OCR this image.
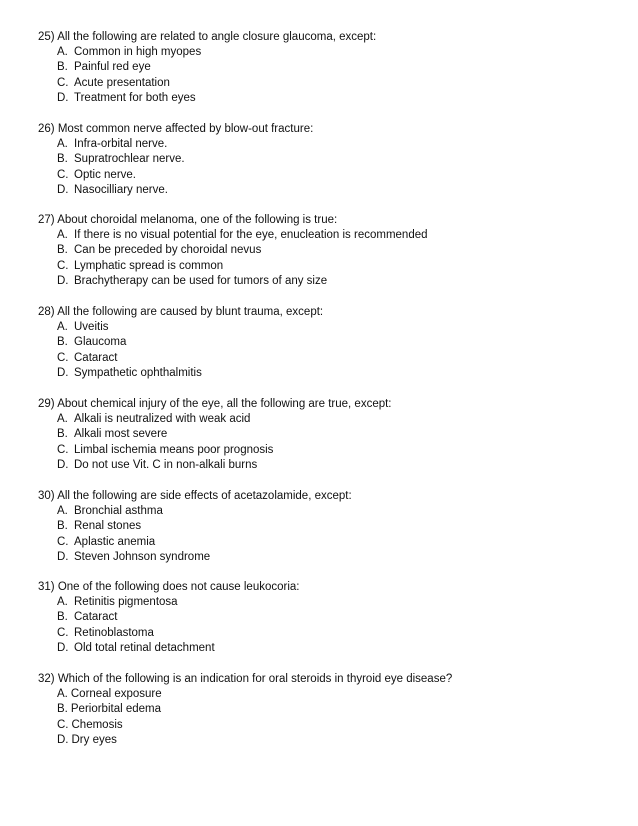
25) All the following are related to angle closure glaucoma, except:
A. Common in high myopes
B. Painful red eye
C. Acute presentation
D. Treatment for both eyes
26) Most common nerve affected by blow-out fracture:
A. Infra-orbital nerve.
B. Supratrochlear nerve.
C. Optic nerve.
D. Nasocilliary nerve.
27) About choroidal melanoma, one of the following is true:
A. If there is no visual potential for the eye, enucleation is recommended
B. Can be preceded by choroidal nevus
C. Lymphatic spread is common
D. Brachytherapy can be used for tumors of any size
28) All the following are caused by blunt trauma, except:
A. Uveitis
B. Glaucoma
C. Cataract
D. Sympathetic ophthalmitis
29) About chemical injury of the eye, all the following are true, except:
A. Alkali is neutralized with weak acid
B. Alkali most severe
C. Limbal ischemia means poor prognosis
D. Do not use Vit. C in non-alkali burns
30) All the following are side effects of acetazolamide, except:
A. Bronchial asthma
B. Renal stones
C. Aplastic anemia
D. Steven Johnson syndrome
31) One of the following does not cause leukocoria:
A. Retinitis pigmentosa
B. Cataract
C. Retinoblastoma
D. Old total retinal detachment
32) Which of the following is an indication for oral steroids in thyroid eye disease?
A. Corneal exposure
B. Periorbital edema
C. Chemosis
D. Dry eyes
